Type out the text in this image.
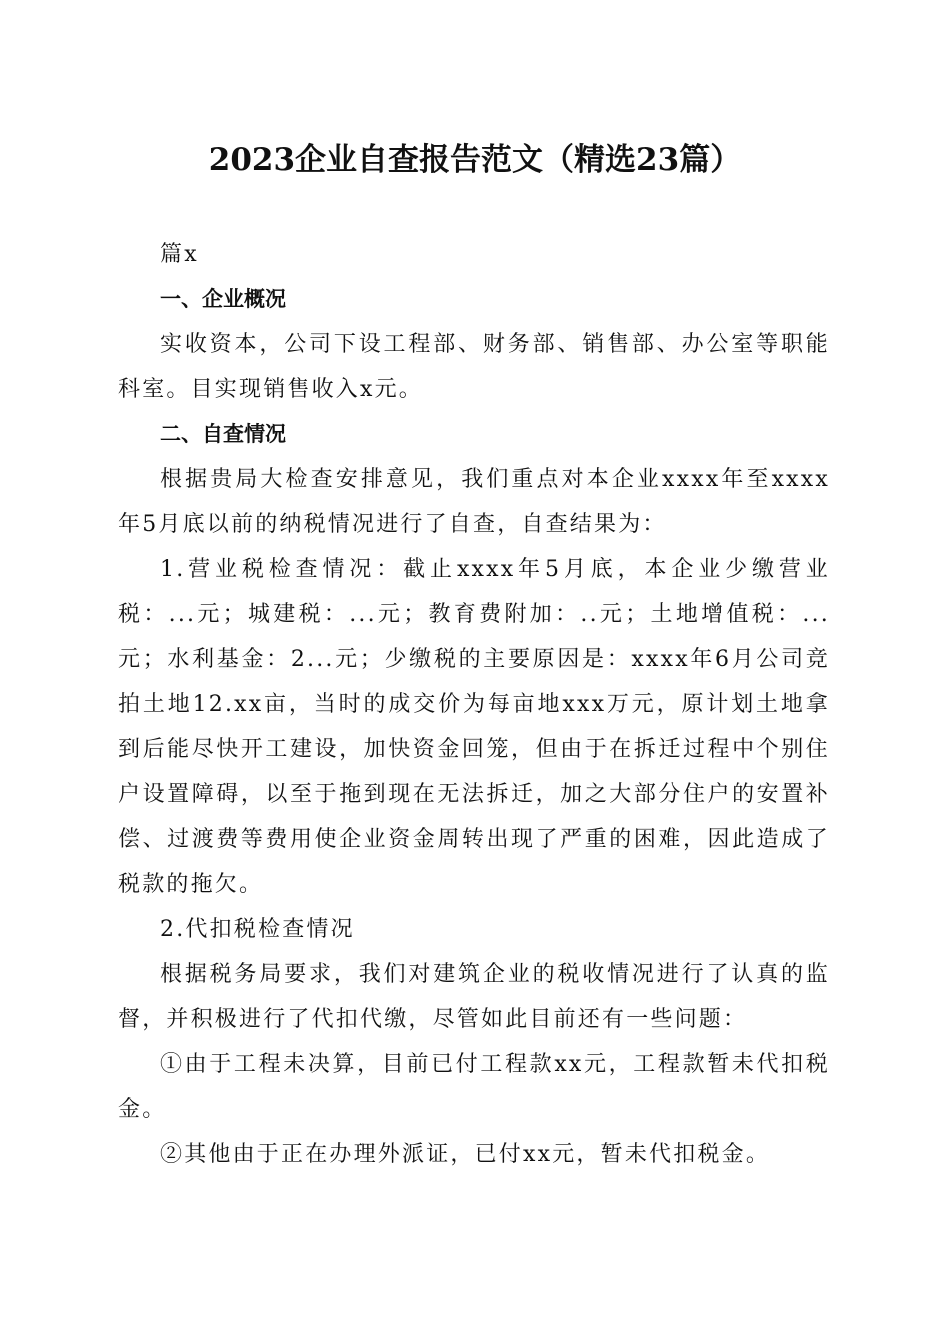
2023企业自查报告范文（精选23篇）

篇x

一、企业概况

实收资本，公司下设工程部、财务部、销售部、办公室等职能科室。目实现销售收入x元。

二、自查情况

根据贵局大检查安排意见，我们重点对本企业xxxx年至xxxx年5月底以前的纳税情况进行了自查，自查结果为：

1.营业税检查情况：截止xxxx年5月底，本企业少缴营业税：...元；城建税：...元；教育费附加：..元；土地增值税：...元；水利基金：2...元；少缴税的主要原因是：xxxx年6月公司竞拍土地12.xx亩，当时的成交价为每亩地xxx万元，原计划土地拿到后能尽快开工建设，加快资金回笼，但由于在拆迁过程中个别住户设置障碍，以至于拖到现在无法拆迁，加之大部分住户的安置补偿、过渡费等费用使企业资金周转出现了严重的困难，因此造成了税款的拖欠。

2.代扣税检查情况

根据税务局要求，我们对建筑企业的税收情况进行了认真的监督，并积极进行了代扣代缴，尽管如此目前还有一些问题：

①由于工程未决算，目前已付工程款xx元，工程款暂未代扣税金。

②其他由于正在办理外派证，已付xx元，暂未代扣税金。
